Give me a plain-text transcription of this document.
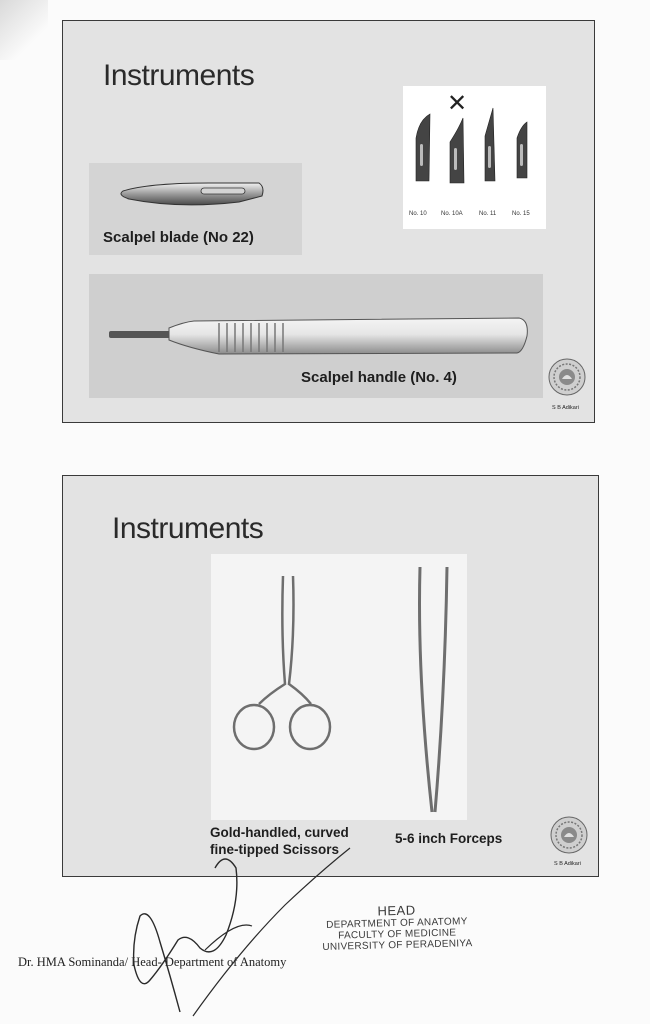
Instruments
Scalpel blade (No 22)
✕
No. 10 No. 10A	No. 11	No. 15
Scalpel handle (No. 4)
S B Adikari
Instruments
Gold-handled, curved
fine-tipped Scissors
5-6 inch Forceps
S B Adikari
HEAD
DEPARTMENT OF ANATOMY
FACULTY OF MEDICINE
UNIVERSITY OF PERADENIYA
Dr. HMA Sominanda/ Head- Department of Anatomy
